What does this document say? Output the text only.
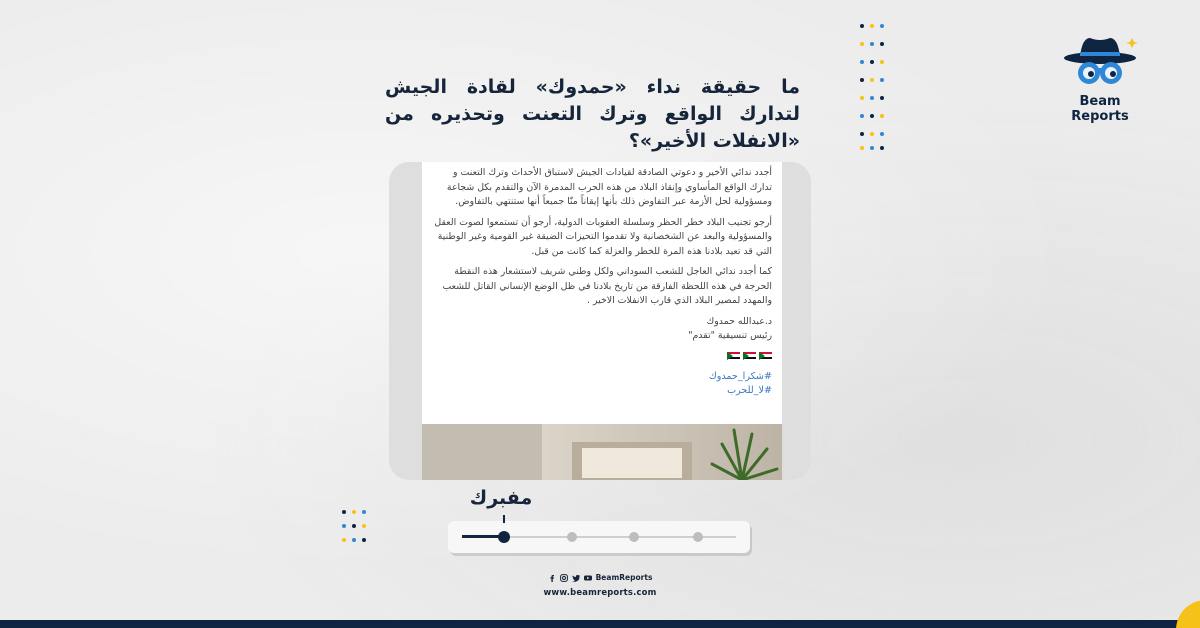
Beam Reports
ما حقيقة نداء «حمدوك» لقادة الجيش لتدارك الواقع وترك التعنت وتحذيره من «الانفلات الأخير»؟

أجدد ندائي الأخير و دعوتي الصادقة لقيادات الجيش لاستباق الأحداث وترك التعنت و تدارك الواقع المأساوي وإنقاذ البلاد من هذه الحرب المدمرة الآن والتقدم بكل شجاعة ومسؤولية لحل الأزمة عبر التفاوض ذلك بأنها إيقاناً منّا جميعاً أنها ستنتهي بالتفاوض.

أرجو تجنيب البلاد خطر الحظر وسلسلة العقوبات الدولية، أرجو أن تستمعوا لصوت العقل والمسؤولية والبعد عن الشخصانية ولا تقدموا التحيزات الضيقة غير القومية وغير الوطنية التي قد تعيد بلادنا هذه المرة للخطر والعزلة كما كانت من قبل.

كما أجدد ندائي العاجل للشعب السوداني ولكل وطني شريف لاستشعار هذه النقطة الحرجة في هذه اللحظة الفارقة من تاريخ بلادنا في ظل الوضع الإنساني القاتل للشعب والمهدد لمصير البلاد الذي قارب الانفلات الاخير .

د.عبدالله حمدوك
رئيس تنسيقية "تقدم"
#شكرا_حمدوك
#لا_للحرب
مفبرك
BeamReports
www.beamreports.com
